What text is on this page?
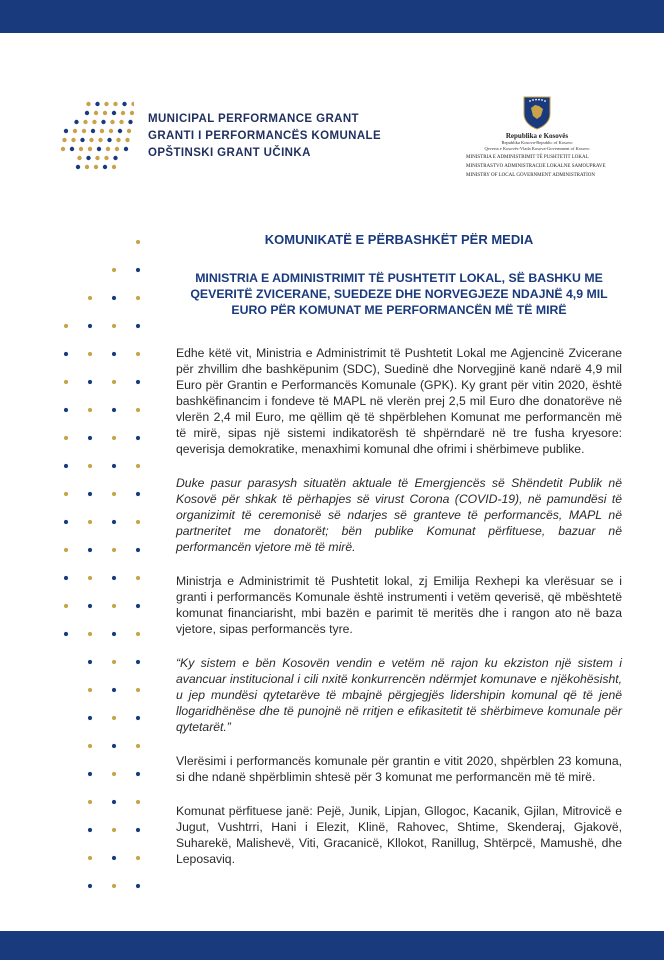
MUNICIPAL PERFORMANCE GRANT
GRANTI I PERFORMANCËS KOMUNALE
OPŠTINSKI GRANT UČINKA
Republika e Kosovës
Republika Kosova-Republic of Kosovo
Qeveria e Kosovës-Vlada Kosova-Government of Kosovo
MINISTRIA E ADMINISTRIMIT TË PUSHTETIT LOKAL
MINISTRASTVO ADMINISTRACIJE LOKALNE SAMOUPRAVE
MINISTRY OF LOCAL GOVERNMENT ADMINISTRATION
KOMUNIKATË E PËRBASHKËT PËR MEDIA
MINISTRIA E ADMINISTRIMIT TË PUSHTETIT LOKAL, SË BASHKU ME QEVERITË ZVICERANE, SUEDEZE DHE NORVEGJEZE NDAJNË 4,9 MIL EURO PËR KOMUNAT ME PERFORMANCËN MË TË MIRË

Edhe këtë vit, Ministria e Administrimit të Pushtetit Lokal me Agjencinë Zvicerane për zhvillim dhe bashkëpunim (SDC), Suedinë dhe Norvegjinë kanë ndarë 4,9 mil Euro për Grantin e Performancës Komunale (GPK). Ky grant për vitin 2020, është bashkëfinancim i fondeve të MAPL në vlerën prej 2,5 mil Euro dhe donatorëve në vlerën 2,4 mil Euro, me qëllim që të shpërblehen Komunat me performancën më të mirë, sipas një sistemi indikatorësh të shpërndarë në tre fusha kryesore: qeverisja demokratike, menaxhimi komunal dhe ofrimi i shërbimeve publike.

Duke pasur parasysh situatën aktuale të Emergjencës së Shëndetit Publik në Kosovë për shkak të përhapjes së virust Corona (COVID-19), në pamundësi të organizimit të ceremonisë së ndarjes së granteve të performancës, MAPL në partneritet me donatorët; bën publike Komunat përfituese, bazuar në performancën vjetore më të mirë.

Ministrja e Administrimit të Pushtetit lokal, zj Emilija Rexhepi ka vlerësuar se i granti i performancës Komunale është instrumenti i vetëm qeverisë, që mbështetë komunat financiarisht, mbi bazën e parimit të meritës dhe i rangon ato në baza vjetore, sipas performancës tyre.

“Ky sistem e bën Kosovën vendin e vetëm në rajon ku ekziston një sistem i avancuar institucional i cili nxitë konkurrencën ndërmjet komunave e njëkohësisht, u jep mundësi qytetarëve të mbajnë përgjegjës lidershipin komunal që të jenë llogaridhënëse dhe të punojnë në rritjen e efikasitetit të shërbimeve komunale për qytetarët.”

Vlerësimi i performancës komunale për grantin e vitit 2020, shpërblen 23 komuna, si dhe ndanë shpërblimin shtesë për 3 komunat me performancën më të mirë.

Komunat përfituese janë: Pejë, Junik, Lipjan, Gllogoc, Kacanik, Gjilan, Mitrovicë e Jugut, Vushtrri, Hani i Elezit, Klinë, Rahovec, Shtime, Skenderaj, Gjakovë, Suharekë, Malishevë, Viti, Gracanicë, Kllokot, Ranillug, Shtërpcë, Mamushë, dhe Leposaviq.
